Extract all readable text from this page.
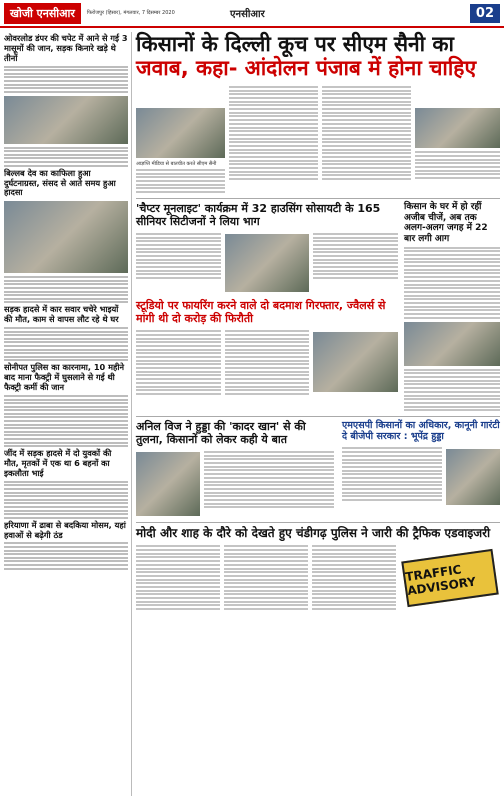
खोजी एनसीआर	फिरोजपुर (हिसार), मंगलवार, 7 दिसम्बर 2020	एनसीआर	02
ओवरलोड डंपर की चपेट में आने से गई 3 मासूमों की जान, सड़क किनारे खड़े थे तीनों
बिल्लब देव का काफिला हुआ दुर्घटनाग्रस्त, संसद से आते समय हुआ हादसा
सड़क हादसे में कार सवार चचेरे भाइयों की मौत, काम से वापस लौट रहे थे घर
सोनीपत पुलिस का कारनामा, 10 महीने बाद माना फैक्ट्री में घुसलाने से गई थी फैक्ट्री कर्मी की जान
जींद में सड़क हादसे में दो युवकों की मौत, मृतकों में एक था 6 बहनों का इकलौता भाई
हरियाणा में ढाबा से बदकिया मोसम, यहां हवाओं से बढ़ेगी ठंड
किसानों के दिल्ली कूच पर सीएम सैनी का
जवाब, कहा- आंदोलन पंजाब में होना चाहिए
आज्ञप्ति मीडिया से बातचीत करते सीएम सैनी
'चैप्टर मूनलाइट' कार्यक्रम में 32 हाउसिंग सोसायटी के 165 सीनियर सिटीजनों ने लिया भाग
स्टूडियो पर फायरिंग करने वाले दो बदमाश गिरफ्तार, ज्वैलर्स से मांगी थी दो करोड़ की फिरौती
किसान के घर में हो रहीं अजीब चीजें, अब तक अलग-अलग जगह में 22 बार लगी आग
अनिल विज ने हुड्डा की 'कादर खान' से की तुलना, किसानों को लेकर कही ये बात
एमएसपी किसानों का अधिकार, कानूनी गारंटी दे बीजेपी सरकार : भूपेंद्र हुड्डा
मोदी और शाह के दौरे को देखते हुए चंडीगढ़ पुलिस ने जारी की ट्रैफिक एडवाइजरी
TRAFFIC ADVISORY
